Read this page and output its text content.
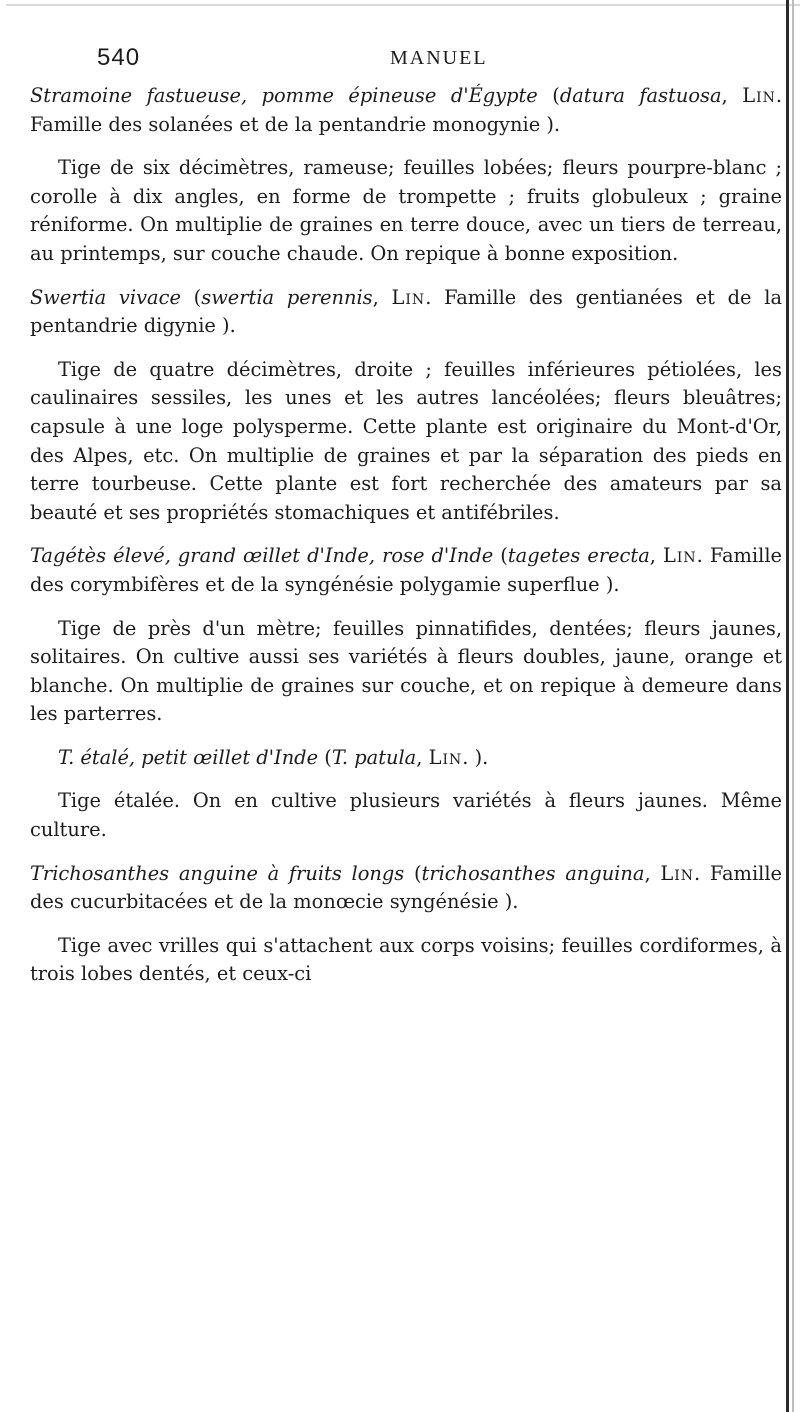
540	MANUEL

Stramoine fastueuse, pomme épineuse d'Égypte (datura fastuosa, Lin. Famille des solanées et de la pentandrie monogynie ).

Tige de six décimètres, rameuse; feuilles lobées; fleurs pourpre-blanc ; corolle à dix angles, en forme de trompette ; fruits globuleux ; graine réniforme. On multiplie de graines en terre douce, avec un tiers de terreau, au printemps, sur couche chaude. On repique à bonne exposition.

Swertia vivace (swertia perennis, Lin. Famille des gentianées et de la pentandrie digynie ).

Tige de quatre décimètres, droite ; feuilles inférieures pétiolées, les caulinaires sessiles, les unes et les autres lancéolées; fleurs bleuâtres; capsule à une loge polysperme. Cette plante est originaire du Mont-d'Or, des Alpes, etc. On multiplie de graines et par la séparation des pieds en terre tourbeuse. Cette plante est fort recherchée des amateurs par sa beauté et ses propriétés stomachiques et antifébriles.

Tagétès élevé, grand œillet d'Inde, rose d'Inde (tagetes erecta, Lin. Famille des corymbifères et de la syngénésie polygamie superflue ).

Tige de près d'un mètre; feuilles pinnatifides, dentées; fleurs jaunes, solitaires. On cultive aussi ses variétés à fleurs doubles, jaune, orange et blanche. On multiplie de graines sur couche, et on repique à demeure dans les parterres.

T. étalé, petit œillet d'Inde (T. patula, Lin. ).

Tige étalée. On en cultive plusieurs variétés à fleurs jaunes. Même culture.

Trichosanthes anguine à fruits longs (trichosanthes anguina, Lin. Famille des cucurbitacées et de la monœcie syngénésie ).

Tige avec vrilles qui s'attachent aux corps voisins; feuilles cordiformes, à trois lobes dentés, et ceux-ci
